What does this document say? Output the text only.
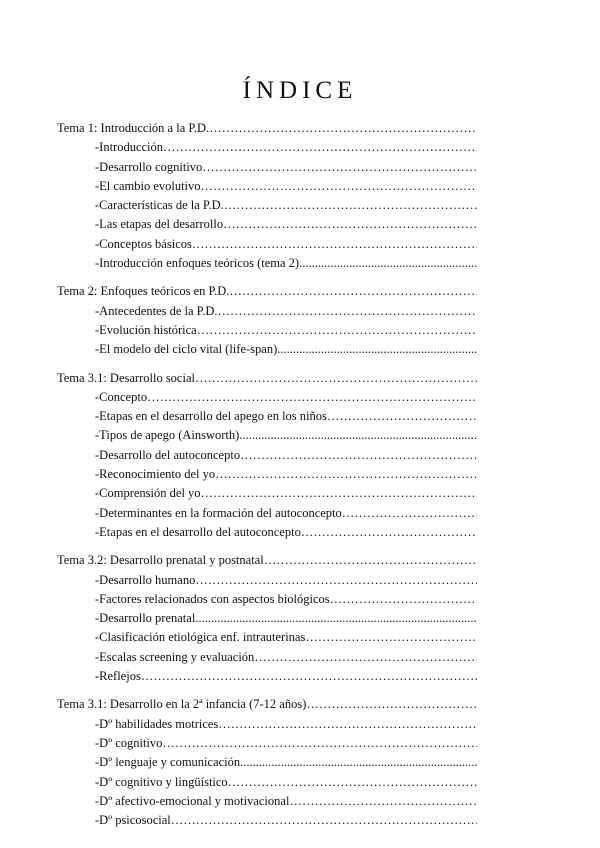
ÍNDICE
Tema 1: Introducción a la P.D.
……………………………………………………………………………………………………………………………………
-Introducción
……………………………………………………………………………………………………………………………………
-Desarrollo cognitivo
……………………………………………………………………………………………………………………………………
-El cambio evolutivo
……………………………………………………………………………………………………………………………………
-Características de la P.D.
……………………………………………………………………………………………………………………………………
-Las etapas del desarrollo
……………………………………………………………………………………………………………………………………
-Conceptos básicos
……………………………………………………………………………………………………………………………………
-Introducción enfoques teóricos (tema 2)
.....
Tema 2: Enfoques teóricos en P.D.
……………………………………………………………………………………………………………………………………
-Antecedentes de la P.D.
……………………………………………………………………………………………………………………………………
-Evolución histórica
……………………………………………………………………………………………………………………………………
-El modelo del ciclo vital (life-span)
.....
Tema 3.1: Desarrollo social
……………………………………………………………………………………………………………………………………
-Concepto
……………………………………………………………………………………………………………………………………
-Etapas en el desarrollo del apego en los niños
……………………………………………………………………………………………………………………………………
-Tipos de apego (Ainsworth)
.....
-Desarrollo del autoconcepto
……………………………………………………………………………………………………………………………………
-Reconocimiento del yo
……………………………………………………………………………………………………………………………………
-Comprensión del yo
……………………………………………………………………………………………………………………………………
-Determinantes en la formación del autoconcepto
……………………………………………………………………………………………………………………………………
-Etapas en el desarrollo del autoconcepto
……………………………………………………………………………………………………………………………………
Tema 3.2: Desarrollo prenatal y postnatal
……………………………………………………………………………………………………………………………………
-Desarrollo humano
……………………………………………………………………………………………………………………………………
-Factores relacionados con aspectos biológicos
……………………………………………………………………………………………………………………………………
-Desarrollo prenatal
.....
-Clasificación etiológica enf. intrauterinas
……………………………………………………………………………………………………………………………………
-Escalas screening y evaluación
……………………………………………………………………………………………………………………………………
-Reflejos
……………………………………………………………………………………………………………………………………
Tema 3.1: Desarrollo en la 2ª infancia (7-12 años)
……………………………………………………………………………………………………………………………………
-Dº habilidades motrices
……………………………………………………………………………………………………………………………………
-Dº cognitivo
……………………………………………………………………………………………………………………………………
-Dº lenguaje y comunicación
.....
-Dº cognitivo y lingüístico
……………………………………………………………………………………………………………………………………
-Dº afectivo-emocional y motivacional
……………………………………………………………………………………………………………………………………
-Dº psicosocial
……………………………………………………………………………………………………………………………………
